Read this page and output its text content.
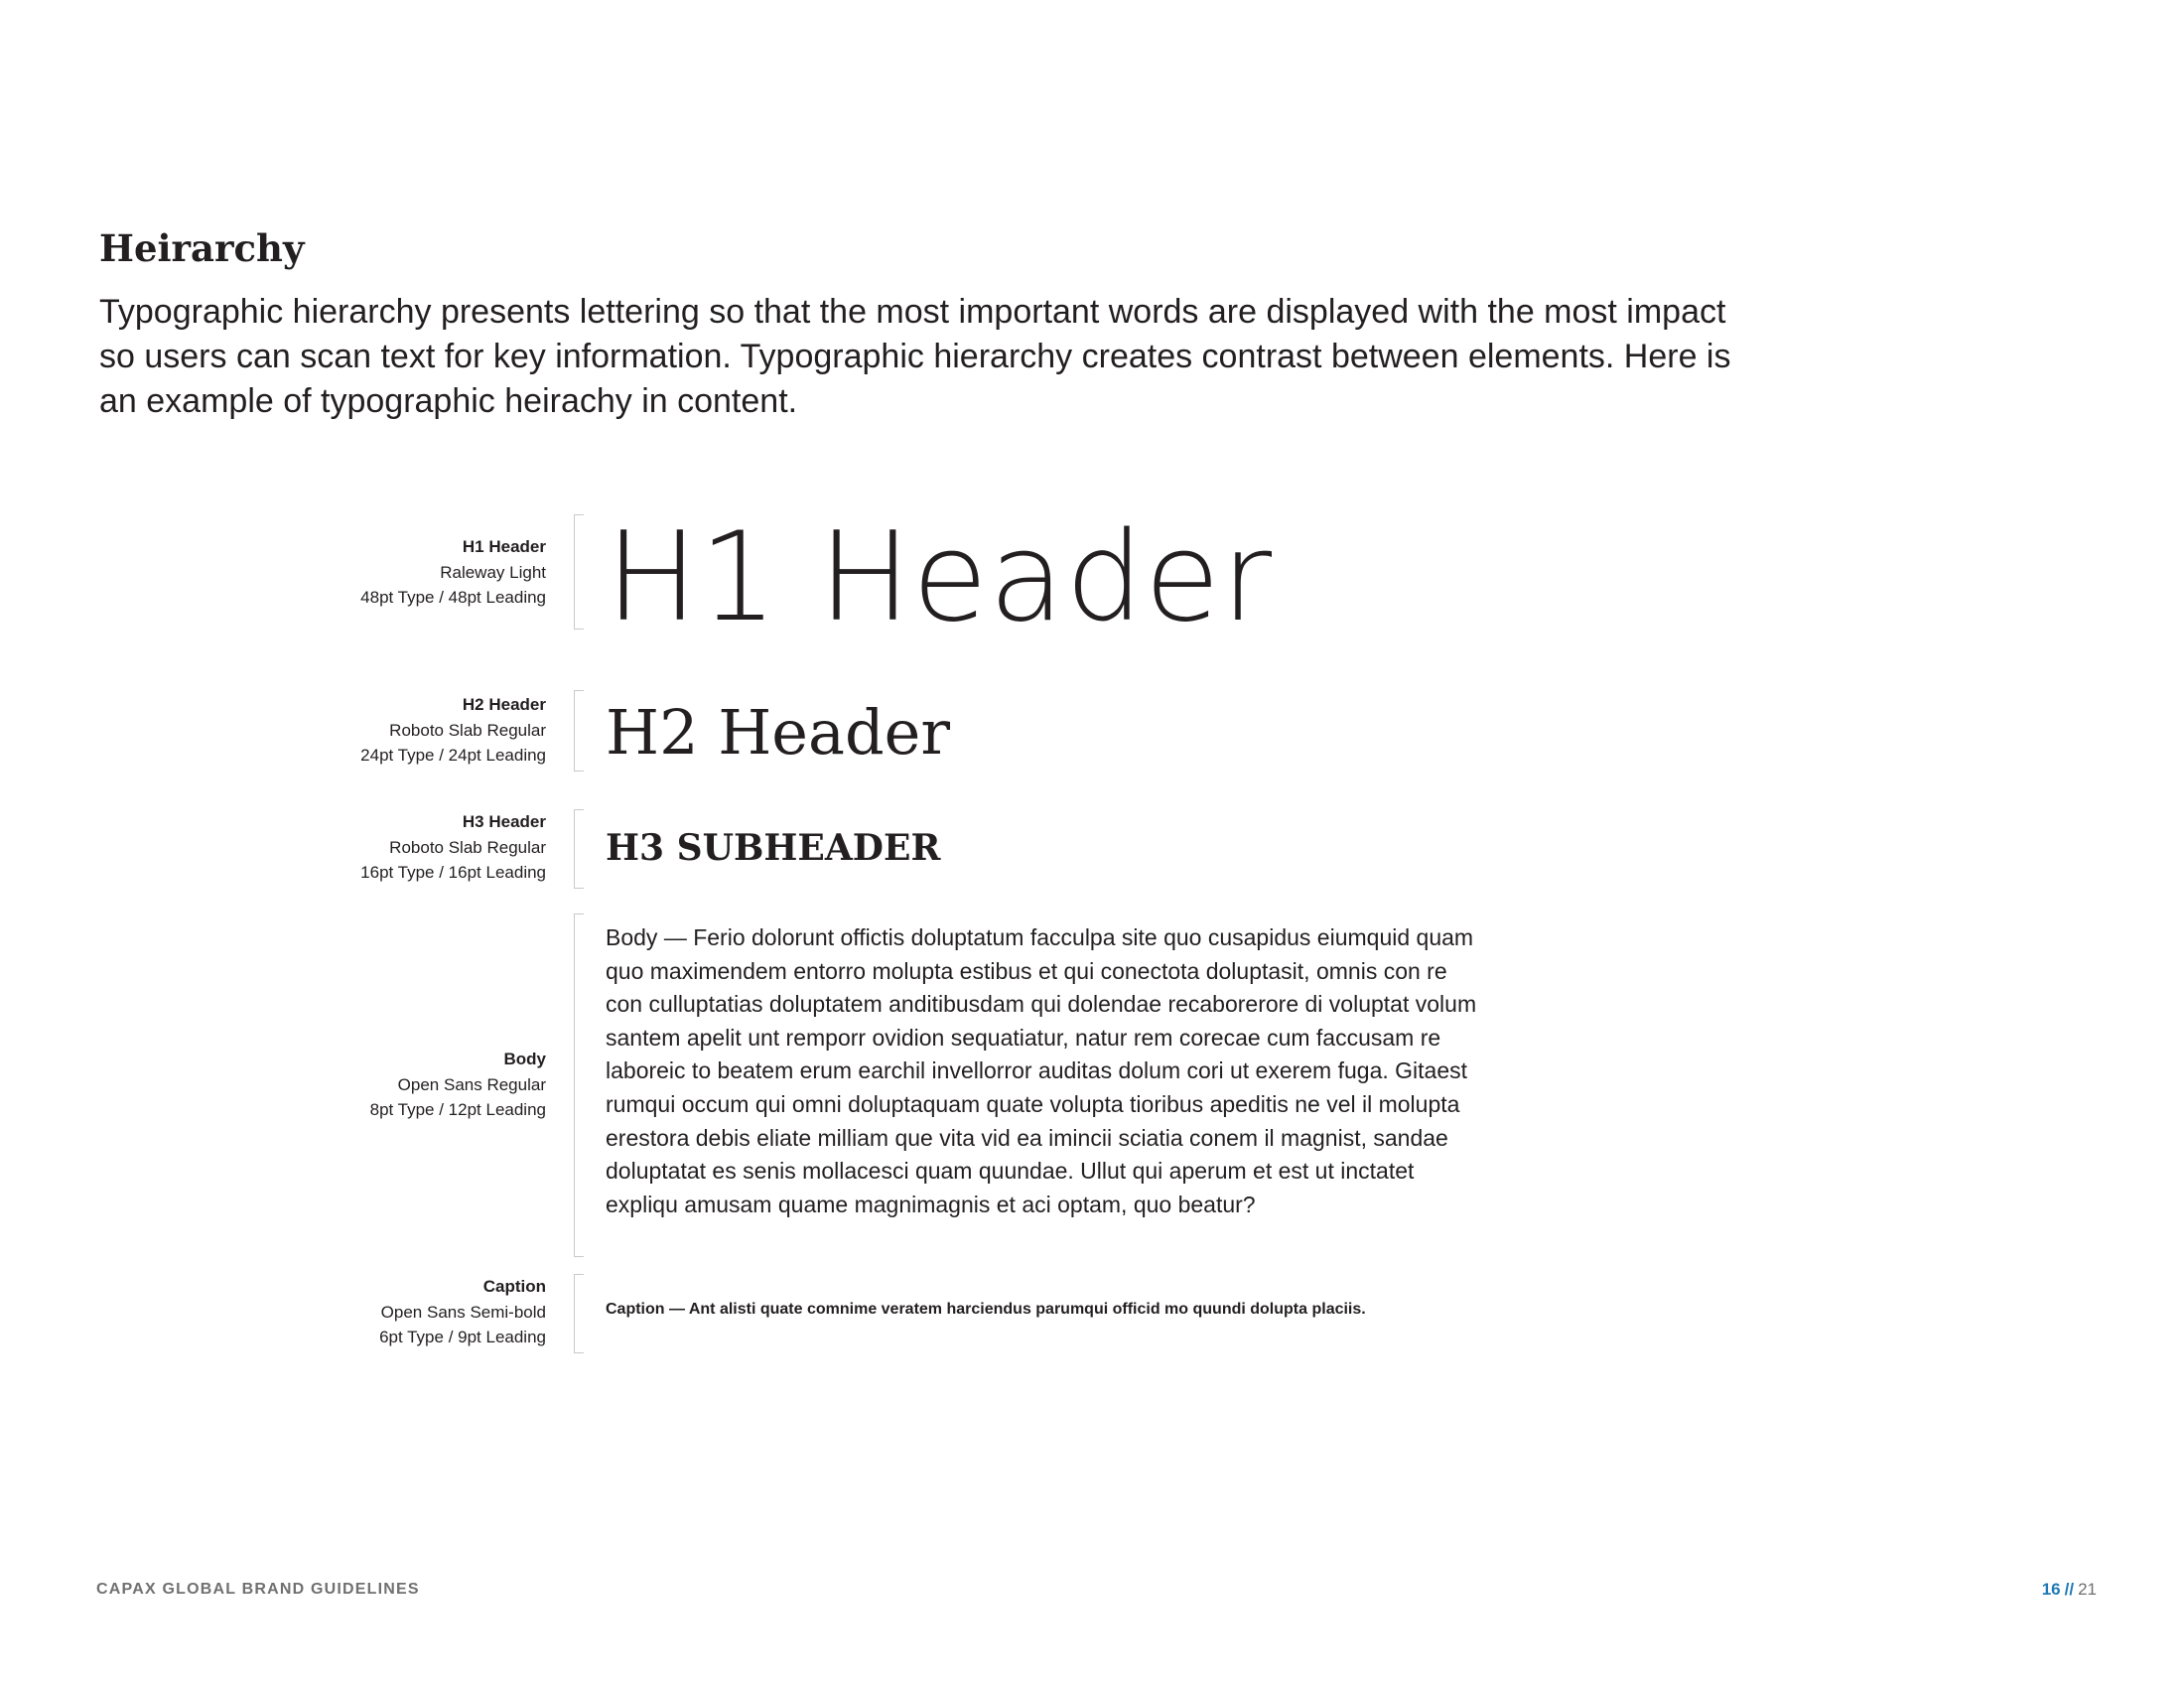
Heirarchy

Typographic hierarchy presents lettering so that the most important words are displayed with the most impact so users can scan text for key information. Typographic hierarchy creates contrast between elements. Here is an example of typographic heirachy in content.

H1 Header
Raleway Light
48pt Type / 48pt Leading H1 Header
H2 Header
Roboto Slab Regular
24pt Type / 24pt Leading H2 Header
H3 Header
Roboto Slab Regular
16pt Type / 16pt Leading
H3 SUBHEADER
Body
Open Sans Regular
8pt Type / 12pt Leading

Body — Ferio dolorunt offictis doluptatum facculpa site quo cusapidus eiumquid quam quo maximendem entorro molupta estibus et qui conectota doluptasit, omnis con re con culluptatias doluptatem anditibusdam qui dolendae recaborerore di voluptat volum santem apelit unt remporr ovidion sequatiatur, natur rem corecae cum faccusam re laboreic to beatem erum earchil invellorror auditas dolum cori ut exerem fuga. Gitaest rumqui occum qui omni doluptaquam quate volupta tioribus apeditis ne vel il molupta erestora debis eliate milliam que vita vid ea imincii sciatia conem il magnist, sandae doluptatat es senis mollacesci quam quundae. Ullut qui aperum et est ut inctatet expliqu amusam quame magnimagnis et aci optam, quo beatur?

Caption
Open Sans Semi-bold
6pt Type / 9pt Leading
Caption — Ant alisti quate comnime veratem harciendus parumqui officid mo quundi dolupta placiis.
CAPAX GLOBAL BRAND GUIDELINES	16 // 21
